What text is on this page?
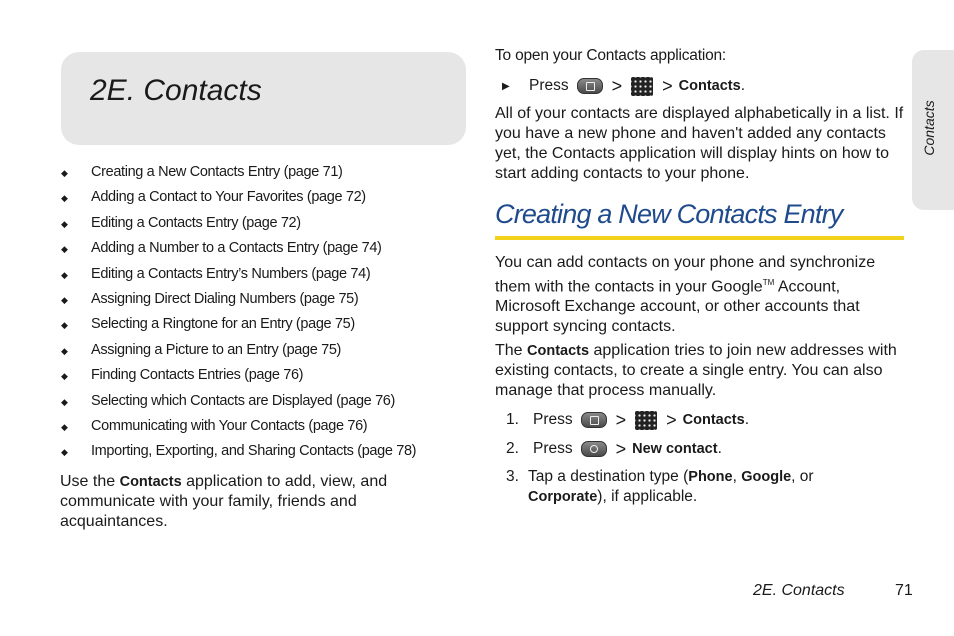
2E. Contacts
◆ Creating a New Contacts Entry (page 71)
◆ Adding a Contact to Your Favorites (page 72)
◆ Editing a Contacts Entry (page 72)
◆ Adding a Number to a Contacts Entry (page 74)
◆ Editing a Contacts Entry’s Numbers (page 74)
◆ Assigning Direct Dialing Numbers (page 75)
◆ Selecting a Ringtone for an Entry (page 75)
◆ Assigning a Picture to an Entry (page 75)
◆ Finding Contacts Entries (page 76)
◆ Selecting which Contacts are Displayed (page 76)
◆ Communicating with Your Contacts (page 76)
◆ Importing, Exporting, and Sharing Contacts (page 78)

Use the Contacts application to add, view, and communicate with your family, friends and acquaintances.

To open your Contacts application:

▶	Press > > Contacts.

All of your contacts are displayed alphabetically in a list. If you have a new phone and haven't added any contacts yet, the Contacts application will display hints on how to start adding contacts to your phone.

Creating a New Contacts Entry

You can add contacts on your phone and synchronize them with the contacts in your Google™ Account, Microsoft Exchange account, or other accounts that support syncing contacts.

The Contacts application tries to join new addresses with existing contacts, to create a single entry. You can also manage that process manually.

1. Press > > Contacts.
2. Press > New contact.
3. Tap a destination type (Phone, Google, or
Corporate), if applicable.
Contacts
2E. Contacts	71
